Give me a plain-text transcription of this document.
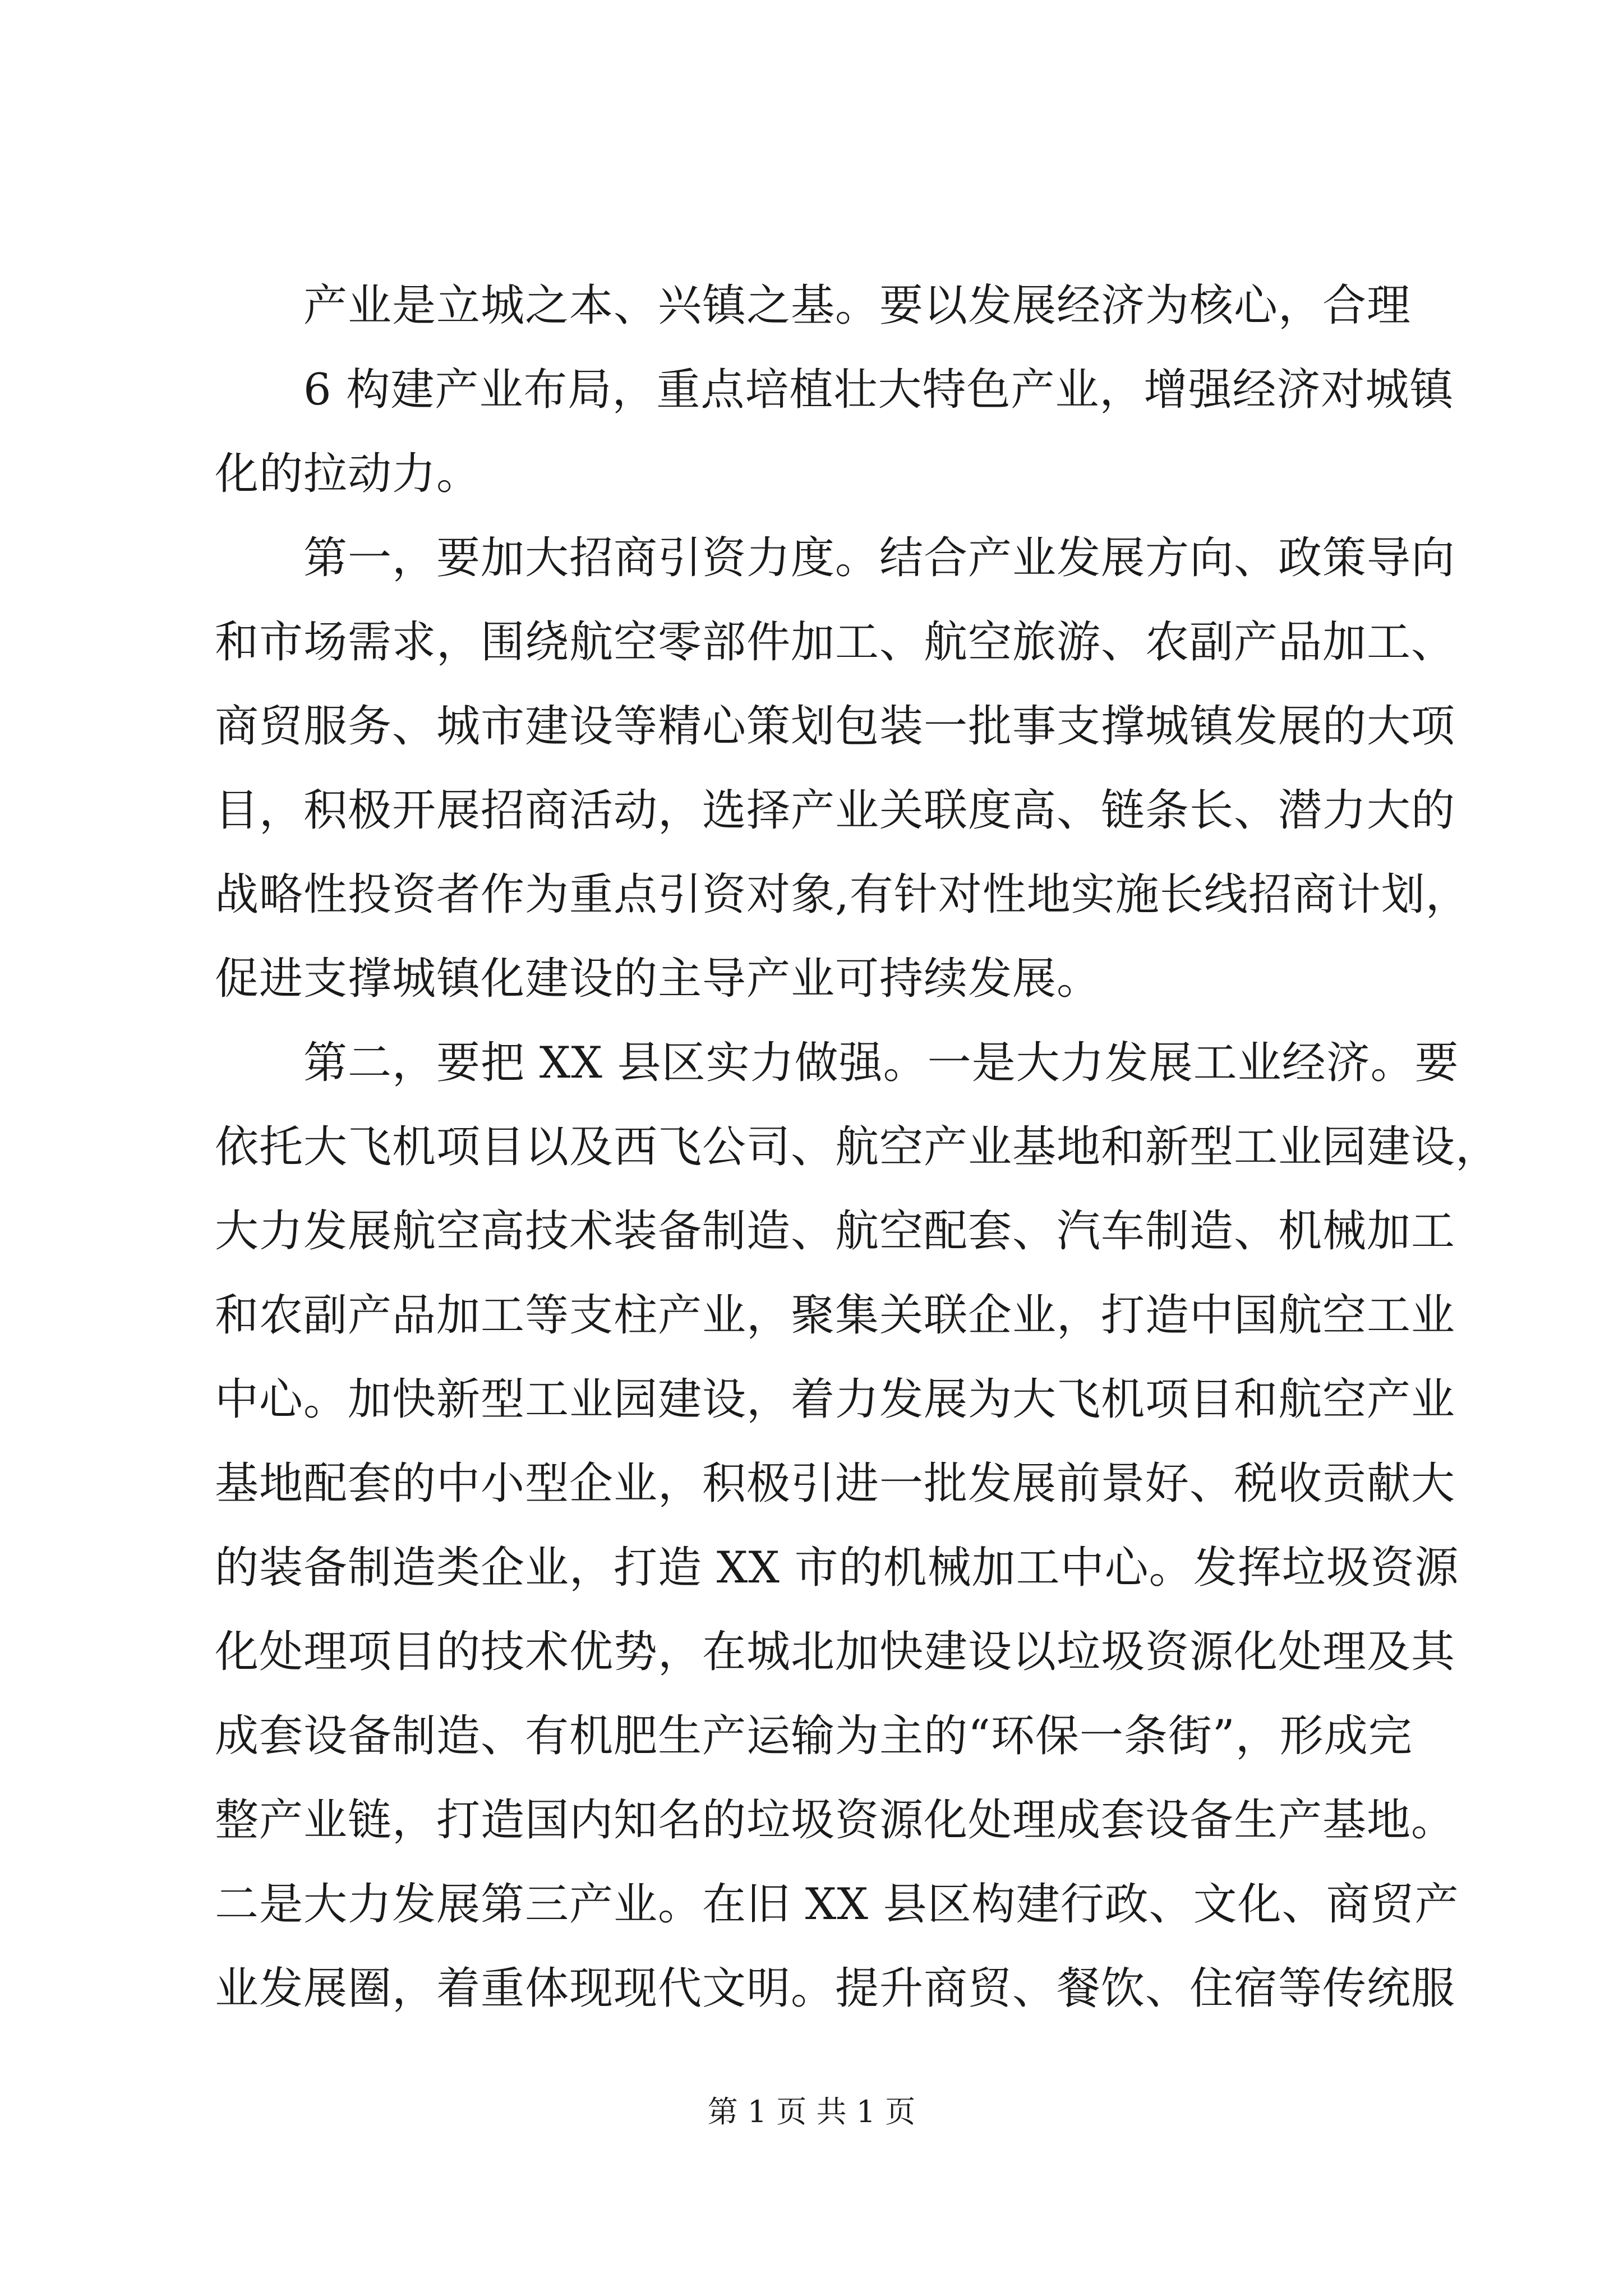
产业是立城之本、兴镇之基。要以发展经济为核心，合理
6 构建产业布局，重点培植壮大特色产业，增强经济对城镇
化的拉动力。
第一，要加大招商引资力度。结合产业发展方向、政策导向
和市场需求，围绕航空零部件加工、航空旅游、农副产品加工、
商贸服务、城市建设等精心策划包装一批事支撑城镇发展的大项
目，积极开展招商活动，选择产业关联度高、链条长、潜力大的
战略性投资者作为重点引资对象,有针对性地实施长线招商计划，
促进支撑城镇化建设的主导产业可持续发展。
第二，要把 XX 县区实力做强。一是大力发展工业经济。要
依托大飞机项目以及西飞公司、航空产业基地和新型工业园建设，
大力发展航空高技术装备制造、航空配套、汽车制造、机械加工
和农副产品加工等支柱产业，聚集关联企业，打造中国航空工业
中心。加快新型工业园建设，着力发展为大飞机项目和航空产业
基地配套的中小型企业，积极引进一批发展前景好、税收贡献大
的装备制造类企业，打造 XX 市的机械加工中心。发挥垃圾资源
化处理项目的技术优势，在城北加快建设以垃圾资源化处理及其
成套设备制造、有机肥生产运输为主的“环保一条街”，形成完
整产业链，打造国内知名的垃圾资源化处理成套设备生产基地。
二是大力发展第三产业。在旧 XX 县区构建行政、文化、商贸产
业发展圈，着重体现现代文明。提升商贸、餐饮、住宿等传统服
第 1 页 共 1 页
